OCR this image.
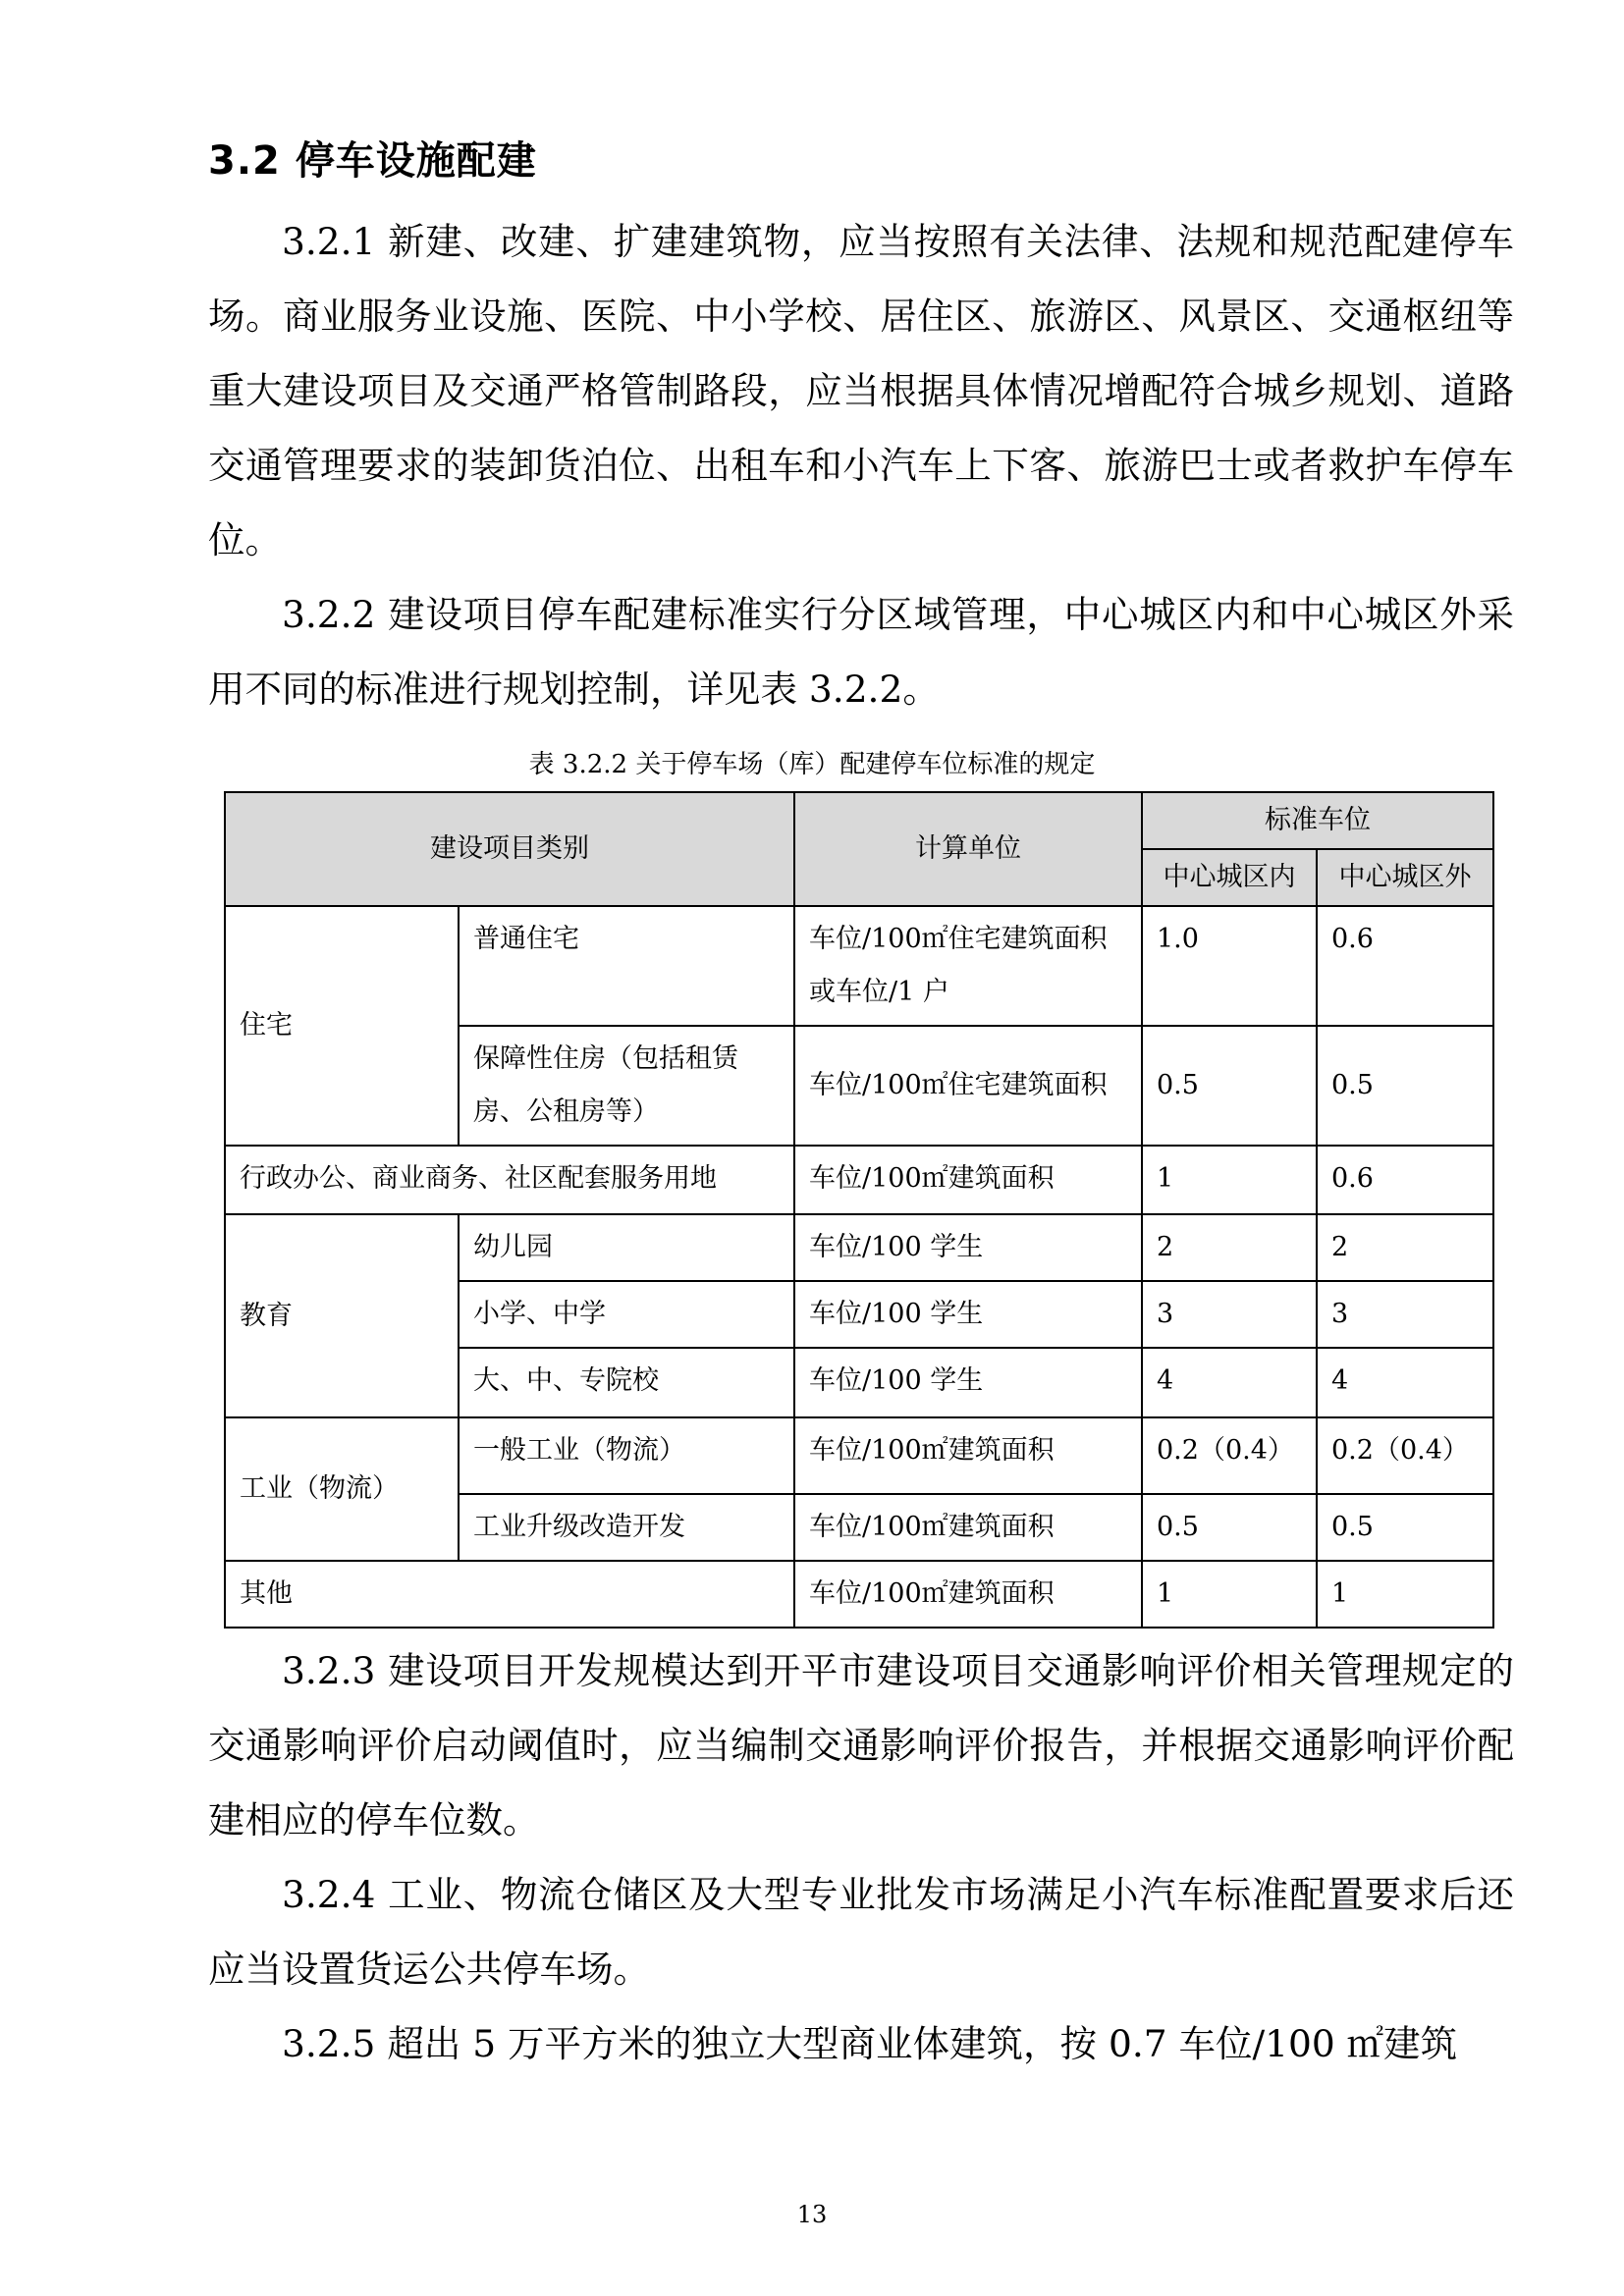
3.2 停车设施配建

3.2.1 新建、改建、扩建建筑物，应当按照有关法律、法规和规范配建停车场。商业服务业设施、医院、中小学校、居住区、旅游区、风景区、交通枢纽等重大建设项目及交通严格管制路段，应当根据具体情况增配符合城乡规划、道路交通管理要求的装卸货泊位、出租车和小汽车上下客、旅游巴士或者救护车停车位。

3.2.2 建设项目停车配建标准实行分区域管理，中心城区内和中心城区外采用不同的标准进行规划控制，详见表 3.2.2。

表 3.2.2 关于停车场（库）配建停车位标准的规定
建设项目类别		计算单位	标准车位	
			中心城区内	中心城区外
住宅	普通住宅	车位/100㎡住宅建筑面积或车位/1 户	1.0	0.6
	保障性住房（包括租赁房、公租房等）	车位/100㎡住宅建筑面积	0.5	0.5
行政办公、商业商务、社区配套服务用地		车位/100㎡建筑面积	1	0.6
教育	幼儿园	车位/100 学生	2	2
	小学、中学	车位/100 学生	3	3
	大、中、专院校	车位/100 学生	4	4
工业（物流）	一般工业（物流）	车位/100㎡建筑面积	0.2（0.4）	0.2（0.4）
	工业升级改造开发	车位/100㎡建筑面积	0.5	0.5
其他		车位/100㎡建筑面积	1	1

3.2.3 建设项目开发规模达到开平市建设项目交通影响评价相关管理规定的交通影响评价启动阈值时，应当编制交通影响评价报告，并根据交通影响评价配建相应的停车位数。

3.2.4 工业、物流仓储区及大型专业批发市场满足小汽车标准配置要求后还应当设置货运公共停车场。

3.2.5 超出 5 万平方米的独立大型商业体建筑，按 0.7 车位/100 ㎡建筑

13
